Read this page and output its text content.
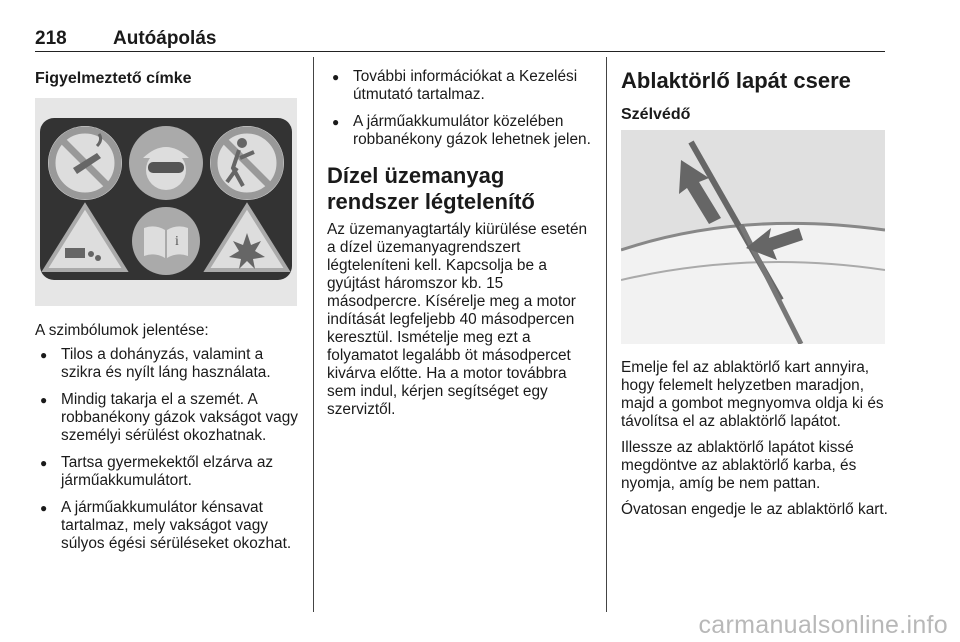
218 Autóápolás
Figyelmeztető címke
i

A szimbólumok jelentése:

● Tilos a dohányzás, valamint a szikra és nyílt láng használata.
● Mindig takarja el a szemét. A robbanékony gázok vakságot vagy személyi sérülést okozhatnak.
● Tartsa gyermekektől elzárva az járműakkumulátort.
● A járműakkumulátor kénsavat tartalmaz, mely vakságot vagy súlyos égési sérüléseket okozhat.
● További információkat a Kezelési útmutató tartalmaz.
● A járműakkumulátor közelében robbanékony gázok lehetnek jelen.
Dízel üzemanyag rendszer légtelenítő

Az üzemanyagtartály kiürülése esetén a dízel üzemanyagrendszert légteleníteni kell. Kapcsolja be a gyújtást háromszor kb. 15 másodpercre. Kísérelje meg a motor indítását legfeljebb 40 másodpercen keresztül. Ismételje meg ezt a folyamatot legalább öt másodpercet kivárva előtte. Ha a motor továbbra sem indul, kérjen segítséget egy szerviztől.

Ablaktörlő lapát csere
Szélvédő

Emelje fel az ablaktörlő kart annyira, hogy felemelt helyzetben maradjon, majd a gombot megnyomva oldja ki és távolítsa el az ablaktörlő lapátot.

Illessze az ablaktörlő lapátot kissé megdöntve az ablaktörlő karba, és nyomja, amíg be nem pattan.

Óvatosan engedje le az ablaktörlő kart.

carmanualsonline.info
